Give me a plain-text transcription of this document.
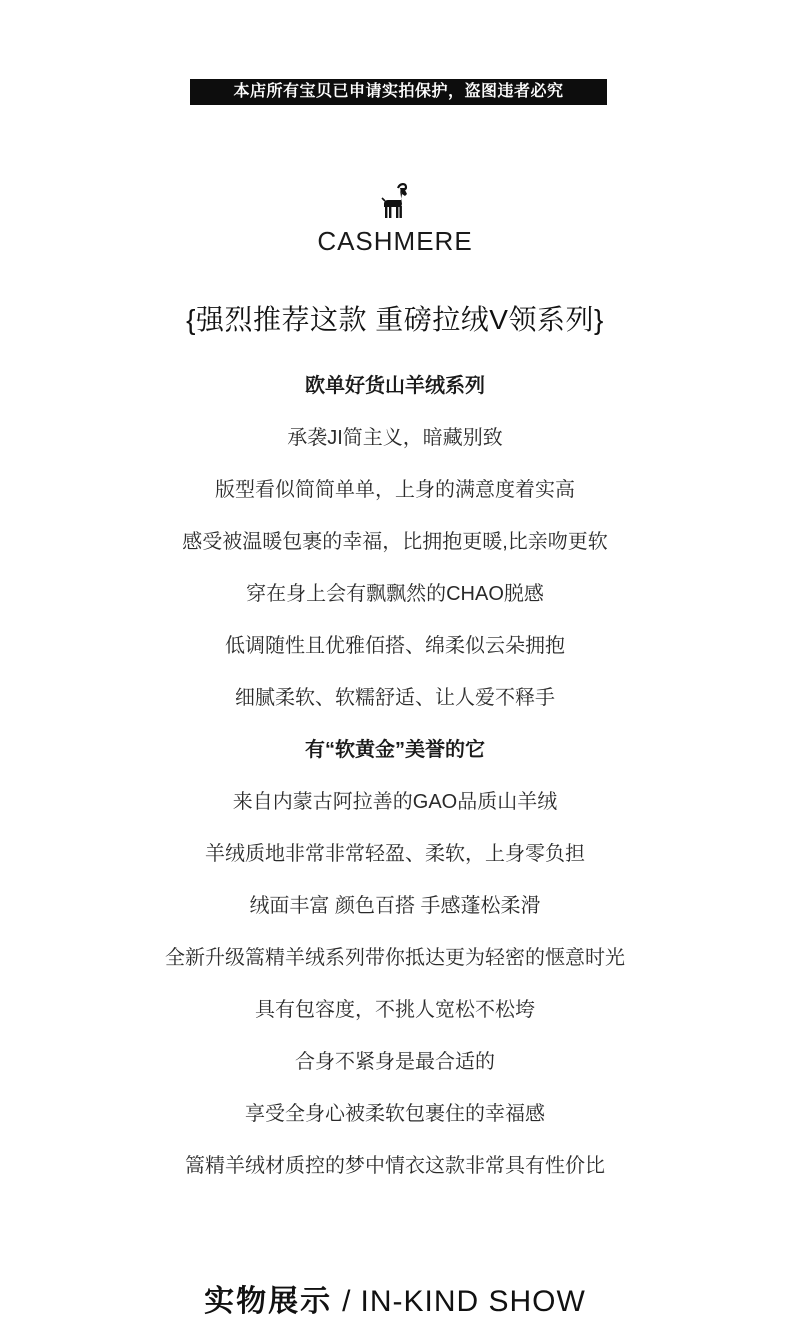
本店所有宝贝已申请实拍保护，盗图违者必究
CASHMERE
{强烈推荐这款 重磅拉绒V领系列}
欧单好货山羊绒系列
承袭JI简主义，暗藏别致
版型看似简简单单，上身的满意度着实高
感受被温暖包裹的幸福，比拥抱更暖,比亲吻更软
穿在身上会有飘飘然的CHAO脱感
低调随性且优雅佰搭、绵柔似云朵拥抱
细腻柔软、软糯舒适、让人爱不释手
有“软黄金”美誉的它
来自内蒙古阿拉善的GAO品质山羊绒
羊绒质地非常非常轻盈、柔软，上身零负担
绒面丰富 颜色百搭 手感蓬松柔滑
全新升级篙精羊绒系列带你抵达更为轻密的惬意时光
具有包容度，不挑人宽松不松垮
合身不紧身是最合适的
享受全身心被柔软包裹住的幸福感
篙精羊绒材质控的梦中情衣这款非常具有性价比
实物展示 / IN-KIND SHOW
